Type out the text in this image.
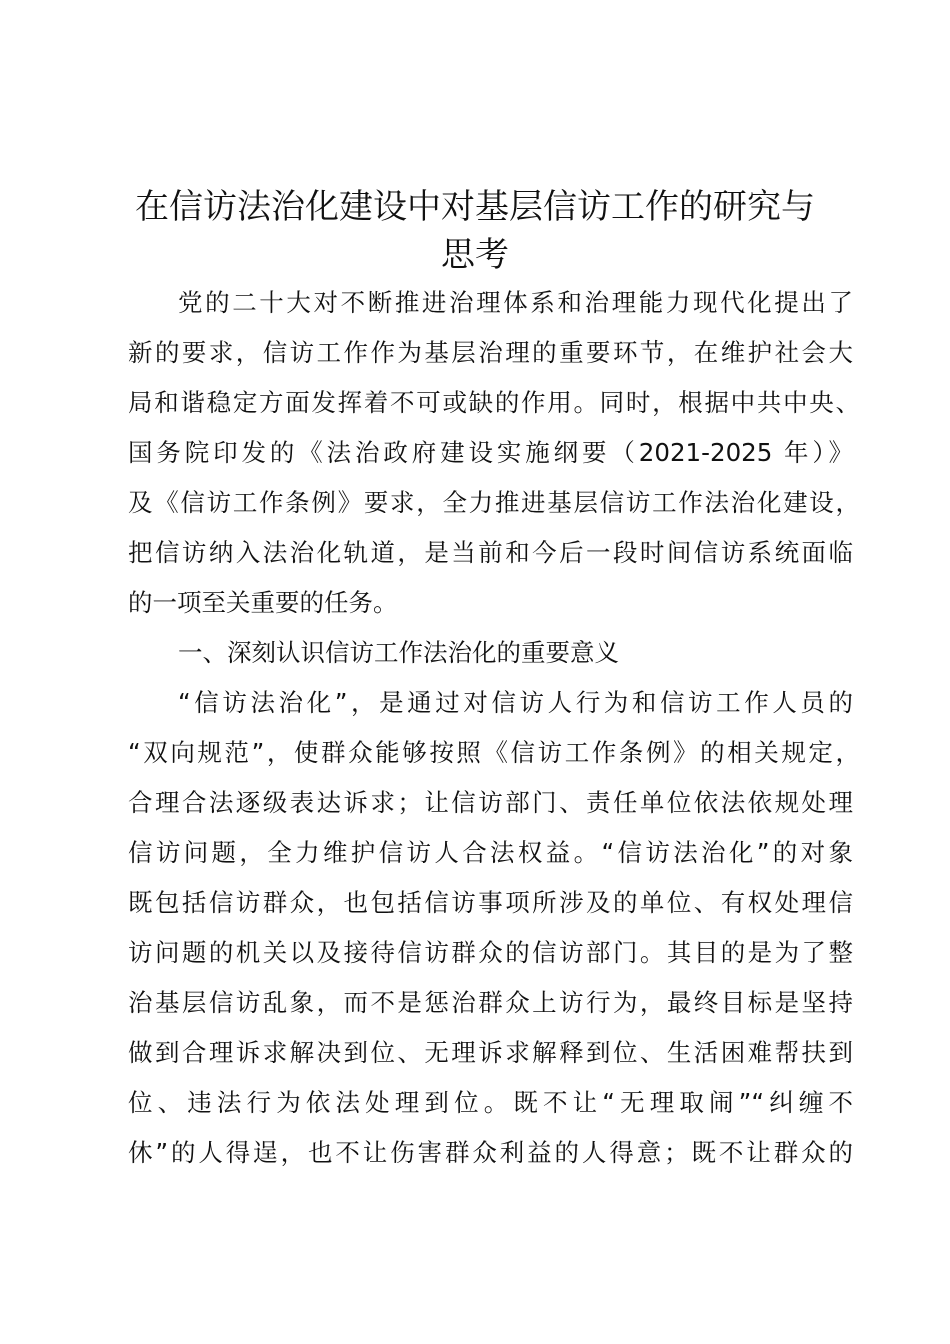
在信访法治化建设中对基层信访工作的研究与
思考
党的二十大对不断推进治理体系和治理能力现代化提出了
新的要求，信访工作作为基层治理的重要环节，在维护社会大
局和谐稳定方面发挥着不可或缺的作用。同时，根据中共中央、
国务院印发的《法治政府建设实施纲要（2021-2025 年）》
及《信访工作条例》要求，全力推进基层信访工作法治化建设，
把信访纳入法治化轨道，是当前和今后一段时间信访系统面临
的一项至关重要的任务。
一、深刻认识信访工作法治化的重要意义
“信访法治化”，是通过对信访人行为和信访工作人员的
“双向规范”，使群众能够按照《信访工作条例》的相关规定，
合理合法逐级表达诉求；让信访部门、责任单位依法依规处理
信访问题，全力维护信访人合法权益。“信访法治化”的对象
既包括信访群众，也包括信访事项所涉及的单位、有权处理信
访问题的机关以及接待信访群众的信访部门。其目的是为了整
治基层信访乱象，而不是惩治群众上访行为，最终目标是坚持
做到合理诉求解决到位、无理诉求解释到位、生活困难帮扶到
位、违法行为依法处理到位。既不让“无理取闹”“纠缠不
休”的人得逞，也不让伤害群众利益的人得意；既不让群众的
